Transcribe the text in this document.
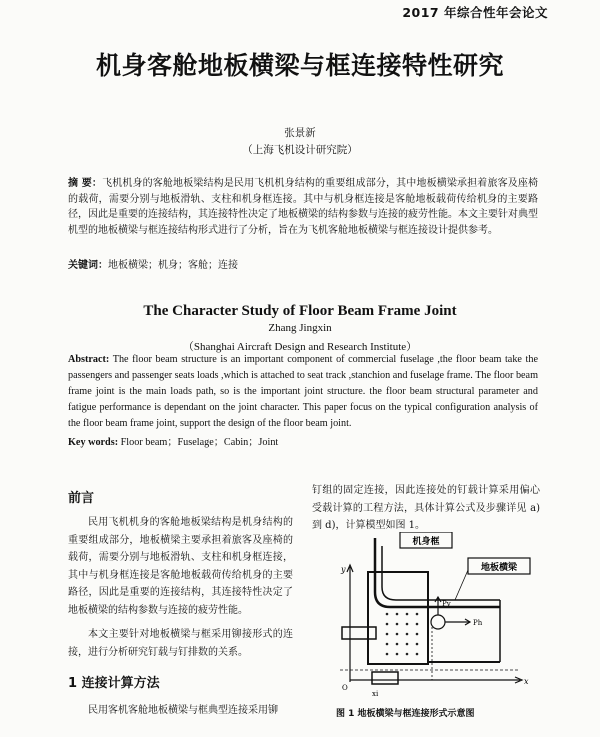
2017 年综合性年会论文
机身客舱地板横梁与框连接特性研究
张景新
（上海飞机设计研究院）
摘 要：飞机机身的客舱地板梁结构是民用飞机机身结构的重要组成部分，其中地板横梁承担着旅客及座椅的载荷，需要分别与地板滑轨、支柱和机身框连接。其中与机身框连接是客舱地板载荷传给机身的主要路径，因此是重要的连接结构，其连接特性决定了地板横梁的结构参数与连接的疲劳性能。本文主要针对典型机型的地板横梁与框连接结构形式进行了分析，旨在为飞机客舱地板横梁与框连接设计提供参考。
关键词：地板横梁；机身；客舱；连接
The Character Study of Floor Beam Frame Joint
Zhang Jingxin
（Shanghai Aircraft Design and Research Institute）
Abstract: The floor beam structure is an important component of commercial fuselage ,the floor beam take the passengers and passenger seats loads ,which is attached to seat track ,stanchion and fuselage frame. The floor beam frame joint is the main loads path, so is the important joint structure. the floor beam structural parameter and fatigue performance is dependant on the joint character. This paper focus on the typical configuration analysis of the floor beam frame joint, support the design of the floor beam joint.
Key words: Floor beam；Fuselage；Cabin；Joint
前言
民用飞机机身的客舱地板梁结构是机身结构的重要组成部分，地板横梁主要承担着旅客及座椅的载荷，需要分别与地板滑轨、支柱和机身框连接，其中与机身框连接是客舱地板载荷传给机身的主要路径，因此是重要的连接结构，其连接特性决定了地板横梁的结构参数与连接的疲劳性能。
本文主要针对地板横梁与框采用铆接形式的连接，进行分析研究钉载与钉排数的关系。
1 连接计算方法
民用客机客舱地板横梁与框典型连接采用铆
钉组的固定连接，因此连接处的钉载计算采用偏心受载计算的工程方法，具体计算公式及步骤详见 a) 到 d)，计算模型如图 1。
机身框
地板横梁
y
x
Pv
Ph
O
xi
图 1 地板横梁与框连接形式示意图
